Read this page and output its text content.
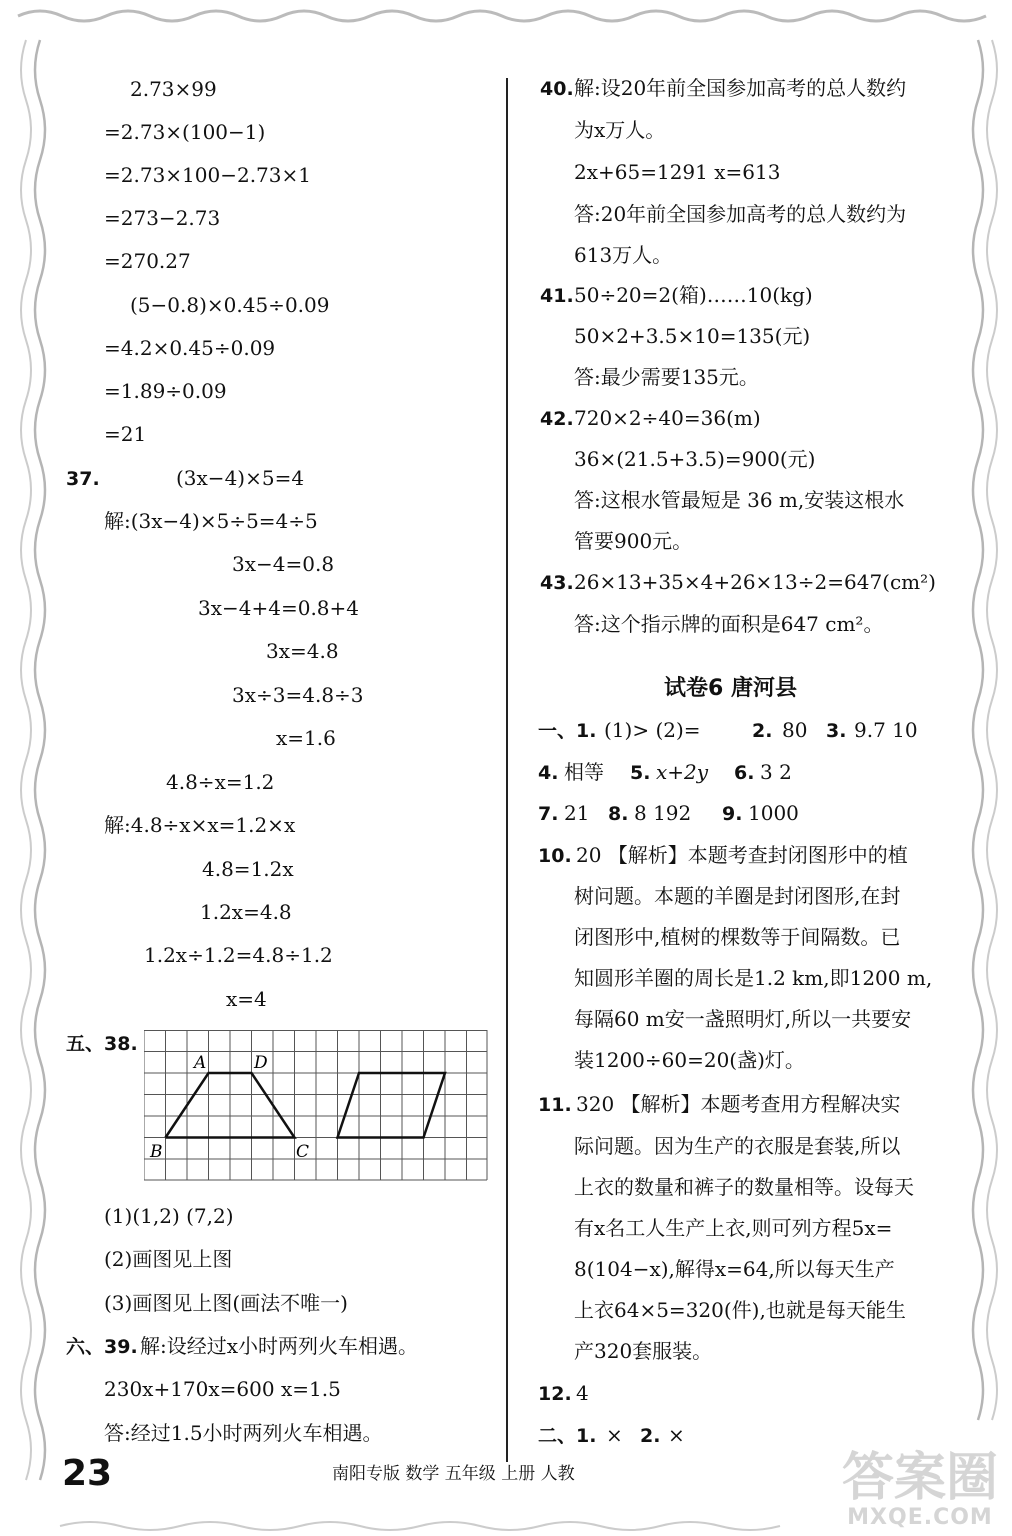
2.73×99
=2.73×(100−1)
=2.73×100−2.73×1
=273−2.73
=270.27
(5−0.8)×0.45÷0.09
=4.2×0.45÷0.09
=1.89÷0.09
=21
37.	(3x−4)×5=4
解:(3x−4)×5÷5=4÷5
3x−4=0.8
3x−4+4=0.8+4
3x=4.8
3x÷3=4.8÷3
x=1.6
4.8÷x=1.2
解:4.8÷x×x=1.2×x
4.8=1.2x
1.2x=4.8
1.2x÷1.2=4.8÷1.2
x=4
五、38.
A	D
B	C
(1)(1,2) (7,2)
(2)画图见上图
(3)画图见上图(画法不唯一)
六、39. 解:设经过x小时两列火车相遇。
230x+170x=600 x=1.5
答:经过1.5小时两列火车相遇。
40. 解:设20年前全国参加高考的总人数约
为x万人。
2x+65=1291 x=613
答:20年前全国参加高考的总人数约为
613万人。
41. 50÷20=2(箱)……10(kg)
50×2+3.5×10=135(元)
答:最少需要135元。
42. 720×2÷40=36(m)
36×(21.5+3.5)=900(元)
答:这根水管最短是 36 m,安装这根水
管要900元。
43. 26×13+35×4+26×13÷2=647(cm²)
答:这个指示牌的面积是647 cm²。
试卷6 唐河县
一、1. (1)> (2)=	2. 80 3. 9.7 10
4. 相等 5. x+2y 6. 3 2
7. 21 8. 8 192 9. 1000
10. 20 【解析】本题考查封闭图形中的植
树问题。本题的羊圈是封闭图形,在封
闭图形中,植树的棵数等于间隔数。已
知圆形羊圈的周长是1.2 km,即1200 m,
每隔60 m安一盏照明灯,所以一共要安
装1200÷60=20(盏)灯。
11. 320 【解析】本题考查用方程解决实
际问题。因为生产的衣服是套装,所以
上衣的数量和裤子的数量相等。设每天
有x名工人生产上衣,则可列方程5x=
8(104−x),解得x=64,所以每天生产
上衣64×5=320(件),也就是每天能生
产320套服装。
12. 4
二、1. × 2. ×
23	南阳专版 数学 五年级 上册 人教	答案圈
MXQE.COM
